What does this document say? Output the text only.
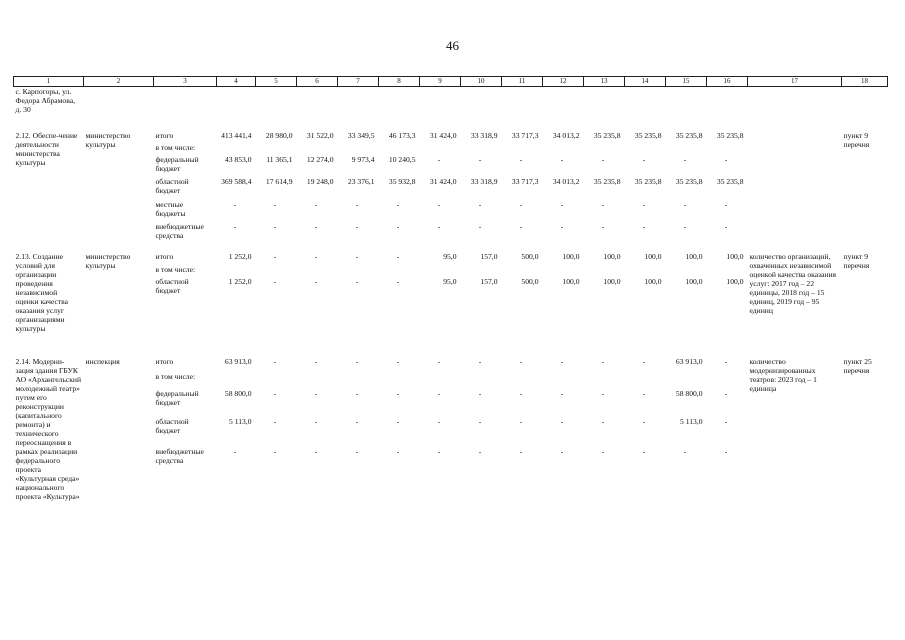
46
1	2	3	4	5	6	7	8	9	10	11	12	13	14	15	16	17	18
с. Карпогоры, ул. Федора Абрамова, д. 30																	

2.12. Обеспе-чение деятельности министерства культуры	министерство культуры	итого	413 441,4	28 980,0	31 522,0	33 349,5	46 173,3	31 424,0	33 318,9	33 717,3	34 013,2	35 235,8	35 235,8	35 235,8	35 235,8		пункт 9 перечня
		в том числе:															
		федеральный бюджет	43 853,0	11 365,1	12 274,0	9 973,4	10 240,5	-	-	-	-	-	-	-	-		
		областной бюджет	369 588,4	17 614,9	19 248,0	23 376,1	35 932,8	31 424,0	33 318,9	33 717,3	34 013,2	35 235,8	35 235,8	35 235,8	35 235,8		
		местные бюджеты	-	-	-	-	-	-	-	-	-	-	-	-	-		
		внебюджетные средства	-	-	-	-	-	-	-	-	-	-	-	-	-		

2.13. Создание условий для организации проведения независимой оценки качества оказания услуг организациями культуры	министерство культуры	итого	1 252,0	-	-	-	-	95,0	157,0	500,0	100,0	100,0	100,0	100,0	100,0	количество организаций, охваченных независимой оценкой качества оказания услуг: 2017 год – 22 единицы, 2018 год – 15 единиц, 2019 год – 95 единиц	пункт 9 перечня
		в том числе:															
		областной бюджет	1 252,0	-	-	-	-	95,0	157,0	500,0	100,0	100,0	100,0	100,0	100,0		

2.14. Модерни-зация здания ГБУК АО «Архангельский молодежный театр» путем его реконструкции (капитального ремонта) и технического переоснащения в рамках реализации федерального проекта «Культурная среда» национального проекта «Культура»	инспекция	итого	63 913,0	-	-	-	-	-	-	-	-	-	-	63 913,0	-	количество модернизированных театров: 2023 год – 1 единица	пункт 25 перечня
		в том числе:															
		федеральный бюджет	58 800,0	-	-	-	-	-	-	-	-	-	-	58 800,0	-		
		областной бюджет	5 113,0	-	-	-	-	-	-	-	-	-	-	5 113,0	-		
		внебюджетные средства	-	-	-	-	-	-	-	-	-	-	-	-	-		
